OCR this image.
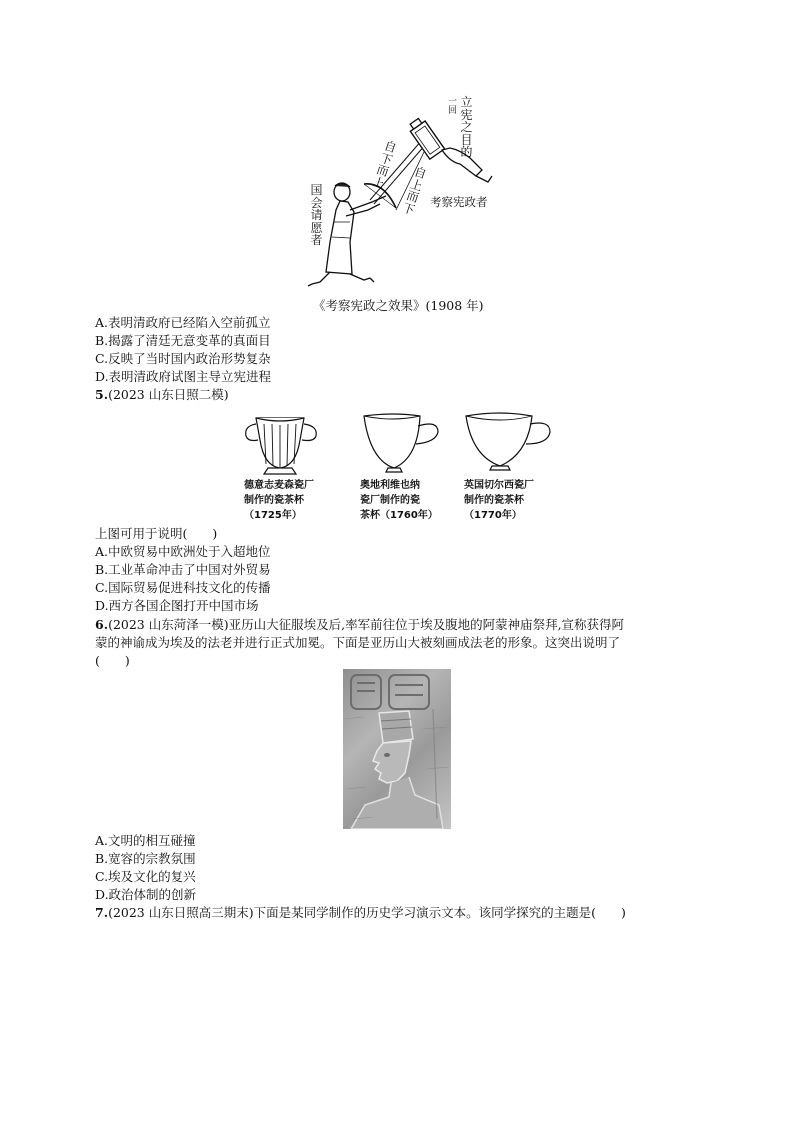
国会请愿者
自下而上
自上而下
立宪之目的
一回
考察宪政者
《考察宪政之效果》(1908 年)
A.表明清政府已经陷入空前孤立
B.揭露了清廷无意变革的真面目
C.反映了当时国内政治形势复杂
D.表明清政府试图主导立宪进程
5.(2023 山东日照二模)
德意志麦森瓷厂
制作的瓷茶杯
（1725年）
奥地利维也纳
瓷厂制作的瓷
茶杯（1760年）
英国切尔西瓷厂
制作的瓷茶杯
（1770年）
上图可用于说明(　　)
A.中欧贸易中欧洲处于入超地位
B.工业革命冲击了中国对外贸易
C.国际贸易促进科技文化的传播
D.西方各国企图打开中国市场
6.(2023 山东菏泽一模)亚历山大征服埃及后,率军前往位于埃及腹地的阿蒙神庙祭拜,宣称获得阿
蒙的神谕成为埃及的法老并进行正式加冕。下面是亚历山大被刻画成法老的形象。这突出说明了
(　　)
A.文明的相互碰撞
B.宽容的宗教氛围
C.埃及文化的复兴
D.政治体制的创新
7.(2023 山东日照高三期末)下面是某同学制作的历史学习演示文本。该同学探究的主题是(　　)
